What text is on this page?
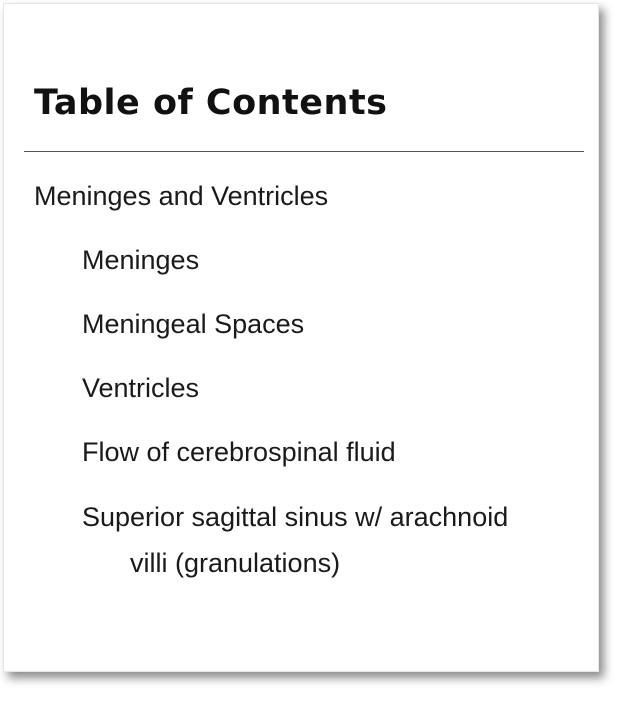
Table of Contents
Meninges and Ventricles
Meninges
Meningeal Spaces
Ventricles
Flow of cerebrospinal fluid
Superior sagittal sinus w/ arachnoid
villi (granulations)
